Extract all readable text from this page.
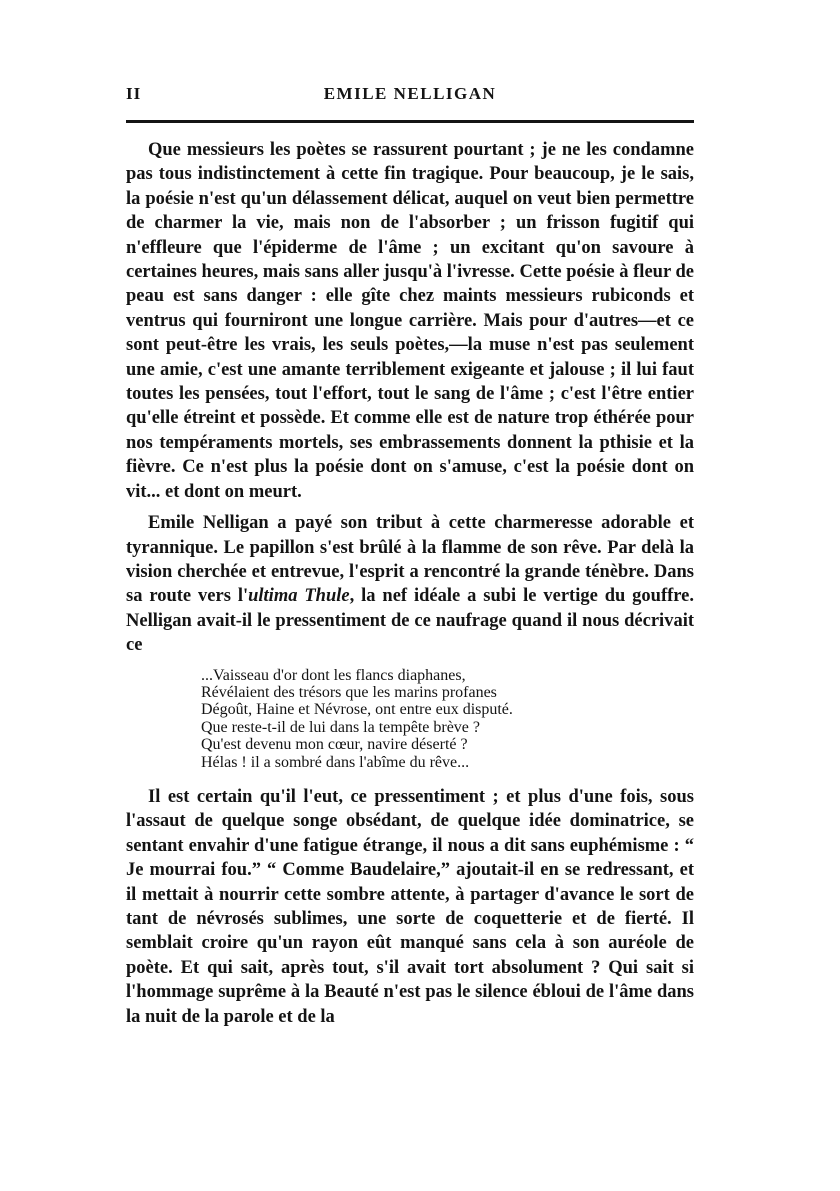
II	EMILE NELLIGAN

Que messieurs les poètes se rassurent pourtant ; je ne les condamne pas tous indistinctement à cette fin tragique. Pour beaucoup, je le sais, la poésie n'est qu'un délassement délicat, auquel on veut bien permettre de charmer la vie, mais non de l'absorber ; un frisson fugitif qui n'effleure que l'épiderme de l'âme ; un excitant qu'on savoure à certaines heures, mais sans aller jusqu'à l'ivresse. Cette poésie à fleur de peau est sans danger : elle gîte chez maints messieurs rubiconds et ventrus qui fourniront une longue carrière. Mais pour d'autres—et ce sont peut-être les vrais, les seuls poètes,—la muse n'est pas seulement une amie, c'est une amante terriblement exigeante et jalouse ; il lui faut toutes les pensées, tout l'effort, tout le sang de l'âme ; c'est l'être entier qu'elle étreint et possède. Et comme elle est de nature trop éthérée pour nos tempéraments mortels, ses embrassements donnent la pthisie et la fièvre. Ce n'est plus la poésie dont on s'amuse, c'est la poésie dont on vit... et dont on meurt.

Emile Nelligan a payé son tribut à cette charmeresse adorable et tyrannique. Le papillon s'est brûlé à la flamme de son rêve. Par delà la vision cherchée et entrevue, l'esprit a rencontré la grande ténèbre. Dans sa route vers l'ultima Thule, la nef idéale a subi le vertige du gouffre. Nelligan avait-il le pressentiment de ce naufrage quand il nous décrivait ce

...Vaisseau d'or dont les flancs diaphanes,
Révélaient des trésors que les marins profanes
Dégoût, Haine et Névrose, ont entre eux disputé.
Que reste-t-il de lui dans la tempête brève ?
Qu'est devenu mon cœur, navire déserté ?
Hélas ! il a sombré dans l'abîme du rêve...

Il est certain qu'il l'eut, ce pressentiment ; et plus d'une fois, sous l'assaut de quelque songe obsédant, de quelque idée dominatrice, se sentant envahir d'une fatigue étrange, il nous a dit sans euphémisme : “ Je mourrai fou.” “ Comme Baudelaire,” ajoutait-il en se redressant, et il mettait à nourrir cette sombre attente, à partager d'avance le sort de tant de névrosés sublimes, une sorte de coquetterie et de fierté. Il semblait croire qu'un rayon eût manqué sans cela à son auréole de poète. Et qui sait, après tout, s'il avait tort absolument ? Qui sait si l'hommage suprême à la Beauté n'est pas le silence ébloui de l'âme dans la nuit de la parole et de la
